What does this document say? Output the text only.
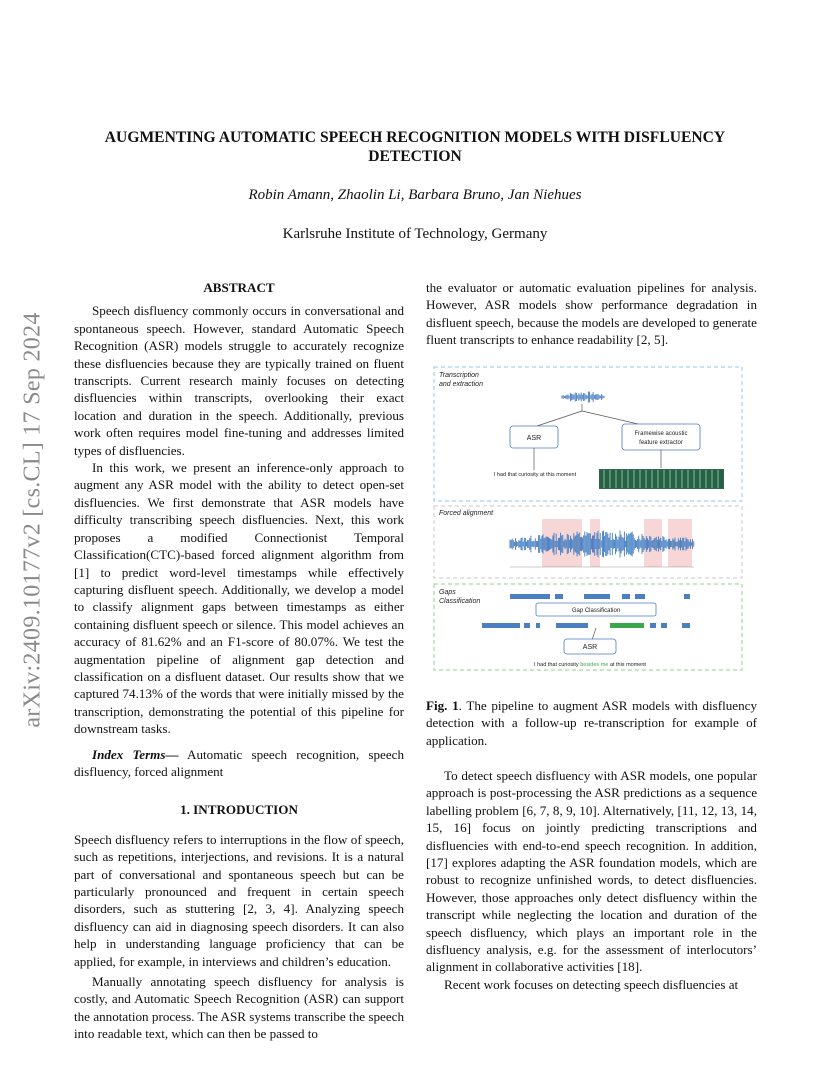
arXiv:2409.10177v2 [cs.CL] 17 Sep 2024
AUGMENTING AUTOMATIC SPEECH RECOGNITION MODELS WITH DISFLUENCY DETECTION
Robin Amann, Zhaolin Li, Barbara Bruno, Jan Niehues
Karlsruhe Institute of Technology, Germany

ABSTRACT

Speech disfluency commonly occurs in conversational and spontaneous speech. However, standard Automatic Speech Recognition (ASR) models struggle to accurately recognize these disfluencies because they are typically trained on fluent transcripts. Current research mainly focuses on detecting disfluencies within transcripts, overlooking their exact location and duration in the speech. Additionally, previous work often requires model fine-tuning and addresses limited types of disfluencies.

In this work, we present an inference-only approach to augment any ASR model with the ability to detect open-set disfluencies. We first demonstrate that ASR models have difficulty transcribing speech disfluencies. Next, this work proposes a modified Connectionist Temporal Classification(CTC)-based forced alignment algorithm from [1] to predict word-level timestamps while effectively capturing disfluent speech. Additionally, we develop a model to classify alignment gaps between timestamps as either containing disfluent speech or silence. This model achieves an accuracy of 81.62% and an F1-score of 80.07%. We test the augmentation pipeline of alignment gap detection and classification on a disfluent dataset. Our results show that we captured 74.13% of the words that were initially missed by the transcription, demonstrating the potential of this pipeline for downstream tasks.

Index Terms— Automatic speech recognition, speech disfluency, forced alignment

1. INTRODUCTION

Speech disfluency refers to interruptions in the flow of speech, such as repetitions, interjections, and revisions. It is a natural part of conversational and spontaneous speech but can be particularly pronounced and frequent in certain speech disorders, such as stuttering [2, 3, 4]. Analyzing speech disfluency can aid in diagnosing speech disorders. It can also help in understanding language proficiency that can be applied, for example, in interviews and children’s education.

Manually annotating speech disfluency for analysis is costly, and Automatic Speech Recognition (ASR) can support the annotation process. The ASR systems transcribe the speech into readable text, which can then be passed to

the evaluator or automatic evaluation pipelines for analysis. However, ASR models show performance degradation in disfluent speech, because the models are developed to generate fluent transcripts to enhance readability [2, 5].

Transcription
and extraction
ASR
Framewise acoustic
feature extractor
I had that curiosity at this moment
Forced alignment
Gaps
Classification
Gap Classification
ASR
I had that curiosity besides me at this moment
Fig. 1. The pipeline to augment ASR models with disfluency detection with a follow-up re-transcription for example of application.

To detect speech disfluency with ASR models, one popular approach is post-processing the ASR predictions as a sequence labelling problem [6, 7, 8, 9, 10]. Alternatively, [11, 12, 13, 14, 15, 16] focus on jointly predicting transcriptions and disfluencies with end-to-end speech recognition. In addition, [17] explores adapting the ASR foundation models, which are robust to recognize unfinished words, to detect disfluencies. However, those approaches only detect disfluency within the transcript while neglecting the location and duration of the speech disfluency, which plays an important role in the disfluency analysis, e.g. for the assessment of interlocutors’ alignment in collaborative activities [18].

Recent work focuses on detecting speech disfluencies at
